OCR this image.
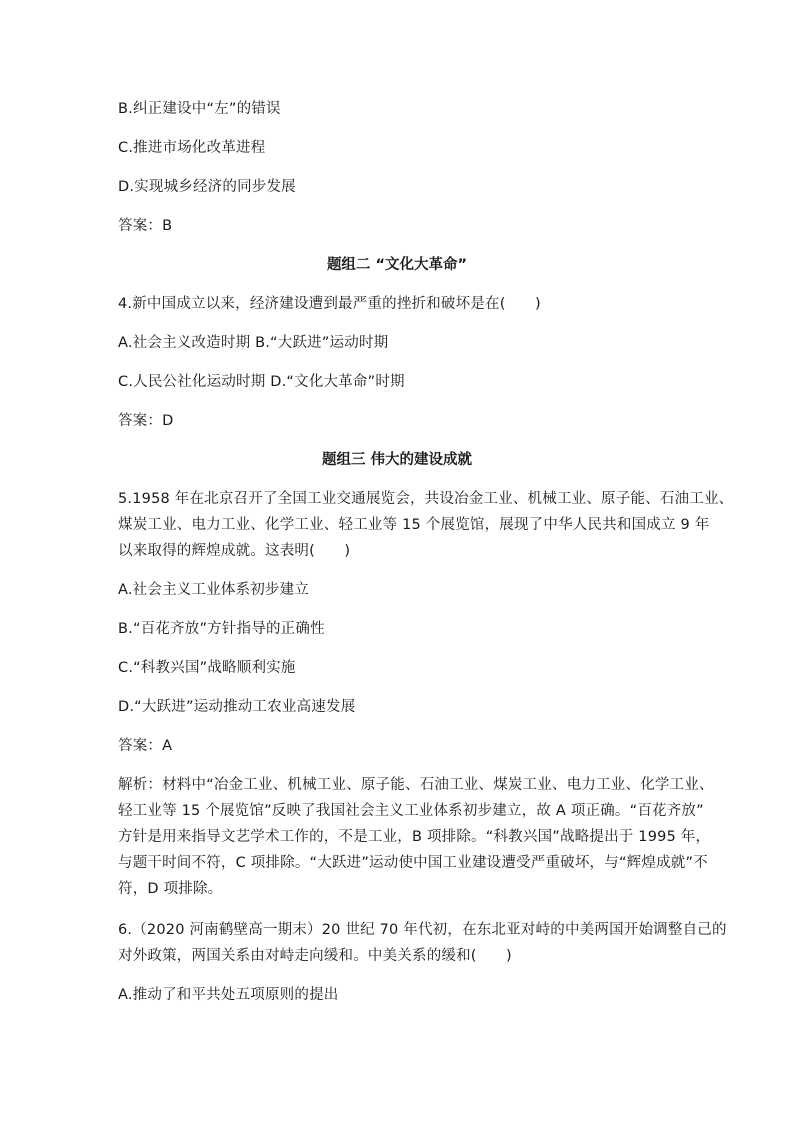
B.纠正建设中“左”的错误
C.推进市场化改革进程
D.实现城乡经济的同步发展
答案：B
题组二 “文化大革命”
4.新中国成立以来，经济建设遭到最严重的挫折和破坏是在(　　)
A.社会主义改造时期 B.“大跃进”运动时期
C.人民公社化运动时期 D.“文化大革命”时期
答案：D
题组三 伟大的建设成就
5.1958 年在北京召开了全国工业交通展览会，共设冶金工业、机械工业、原子能、石油工业、
煤炭工业、电力工业、化学工业、轻工业等 15 个展览馆，展现了中华人民共和国成立 9 年
以来取得的辉煌成就。这表明(　　)
A.社会主义工业体系初步建立
B.“百花齐放”方针指导的正确性
C.“科教兴国”战略顺利实施
D.“大跃进”运动推动工农业高速发展
答案：A
解析：材料中“冶金工业、机械工业、原子能、石油工业、煤炭工业、电力工业、化学工业、
轻工业等 15 个展览馆”反映了我国社会主义工业体系初步建立，故 A 项正确。“百花齐放”
方针是用来指导文艺学术工作的，不是工业，B 项排除。“科教兴国”战略提出于 1995 年，
与题干时间不符，C 项排除。“大跃进”运动使中国工业建设遭受严重破坏，与“辉煌成就”不
符，D 项排除。
6.（2020 河南鹤壁高一期末）20 世纪 70 年代初，在东北亚对峙的中美两国开始调整自己的
对外政策，两国关系由对峙走向缓和。中美关系的缓和(　　)
A.推动了和平共处五项原则的提出
